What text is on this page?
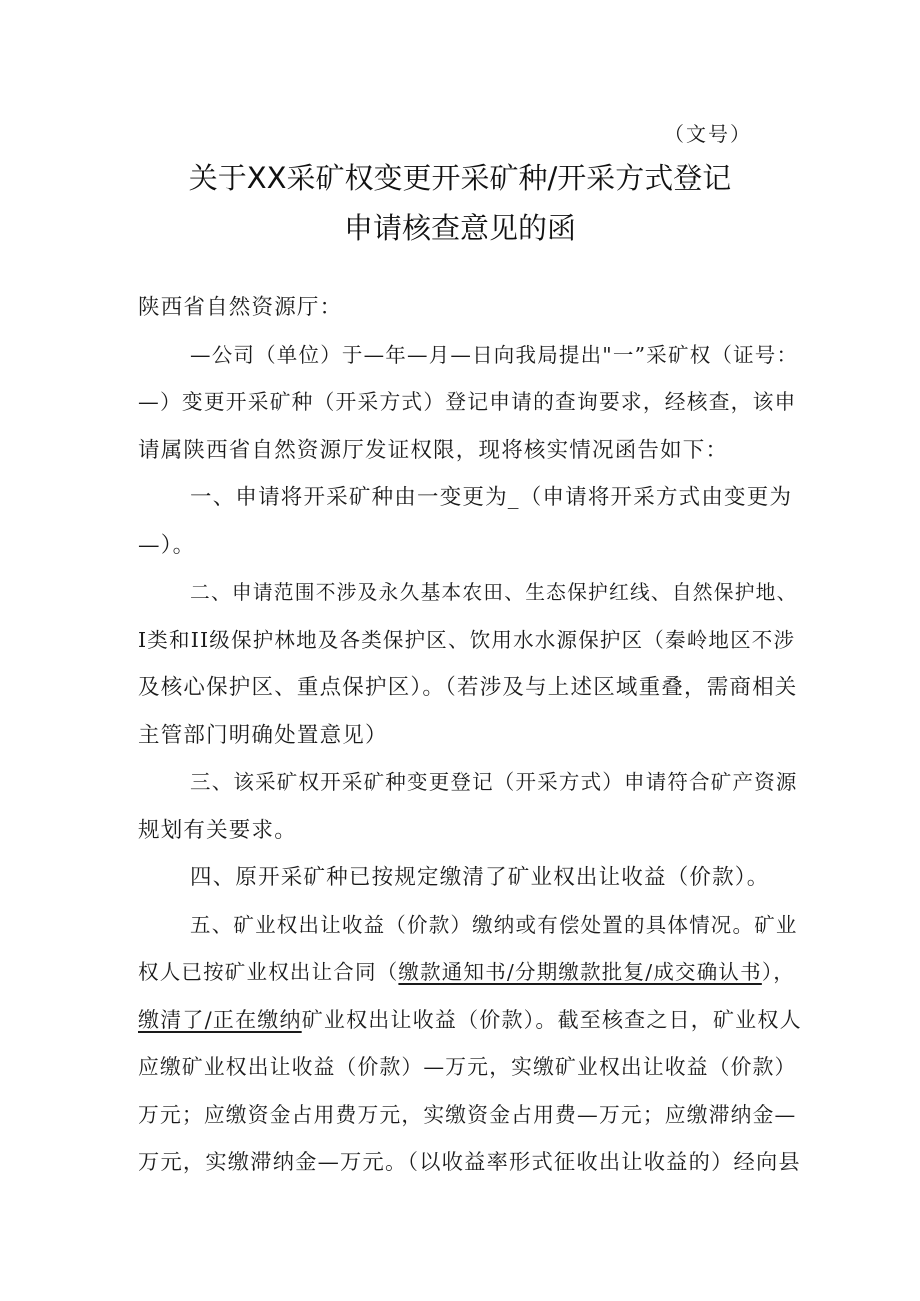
（文号）
关于XX采矿权变更开采矿种/开采方式登记
申请核查意见的函
陕西省自然资源厅：
—公司（单位）于—年—月—日向我局提出"一”采矿权（证号：
—）变更开采矿种（开采方式）登记申请的查询要求，经核查，该申
请属陕西省自然资源厅发证权限，现将核实情况函告如下：
一、申请将开采矿种由一变更为_（申请将开采方式由变更为
—）。
二、申请范围不涉及永久基本农田、生态保护红线、自然保护地、
I类和II级保护林地及各类保护区、饮用水水源保护区（秦岭地区不涉
及核心保护区、重点保护区）。（若涉及与上述区域重叠，需商相关
主管部门明确处置意见）
三、该采矿权开采矿种变更登记（开采方式）申请符合矿产资源
规划有关要求。
四、原开采矿种已按规定缴清了矿业权出让收益（价款）。
五、矿业权出让收益（价款）缴纳或有偿处置的具体情况。矿业
权人已按矿业权出让合同（缴款通知书/分期缴款批复/成交确认书），
缴清了/正在缴纳矿业权出让收益（价款）。截至核查之日，矿业权人
应缴矿业权出让收益（价款）—万元，实缴矿业权出让收益（价款）
万元；应缴资金占用费万元，实缴资金占用费—万元；应缴滞纳金—
万元，实缴滞纳金—万元。（以收益率形式征收出让收益的）经向县
